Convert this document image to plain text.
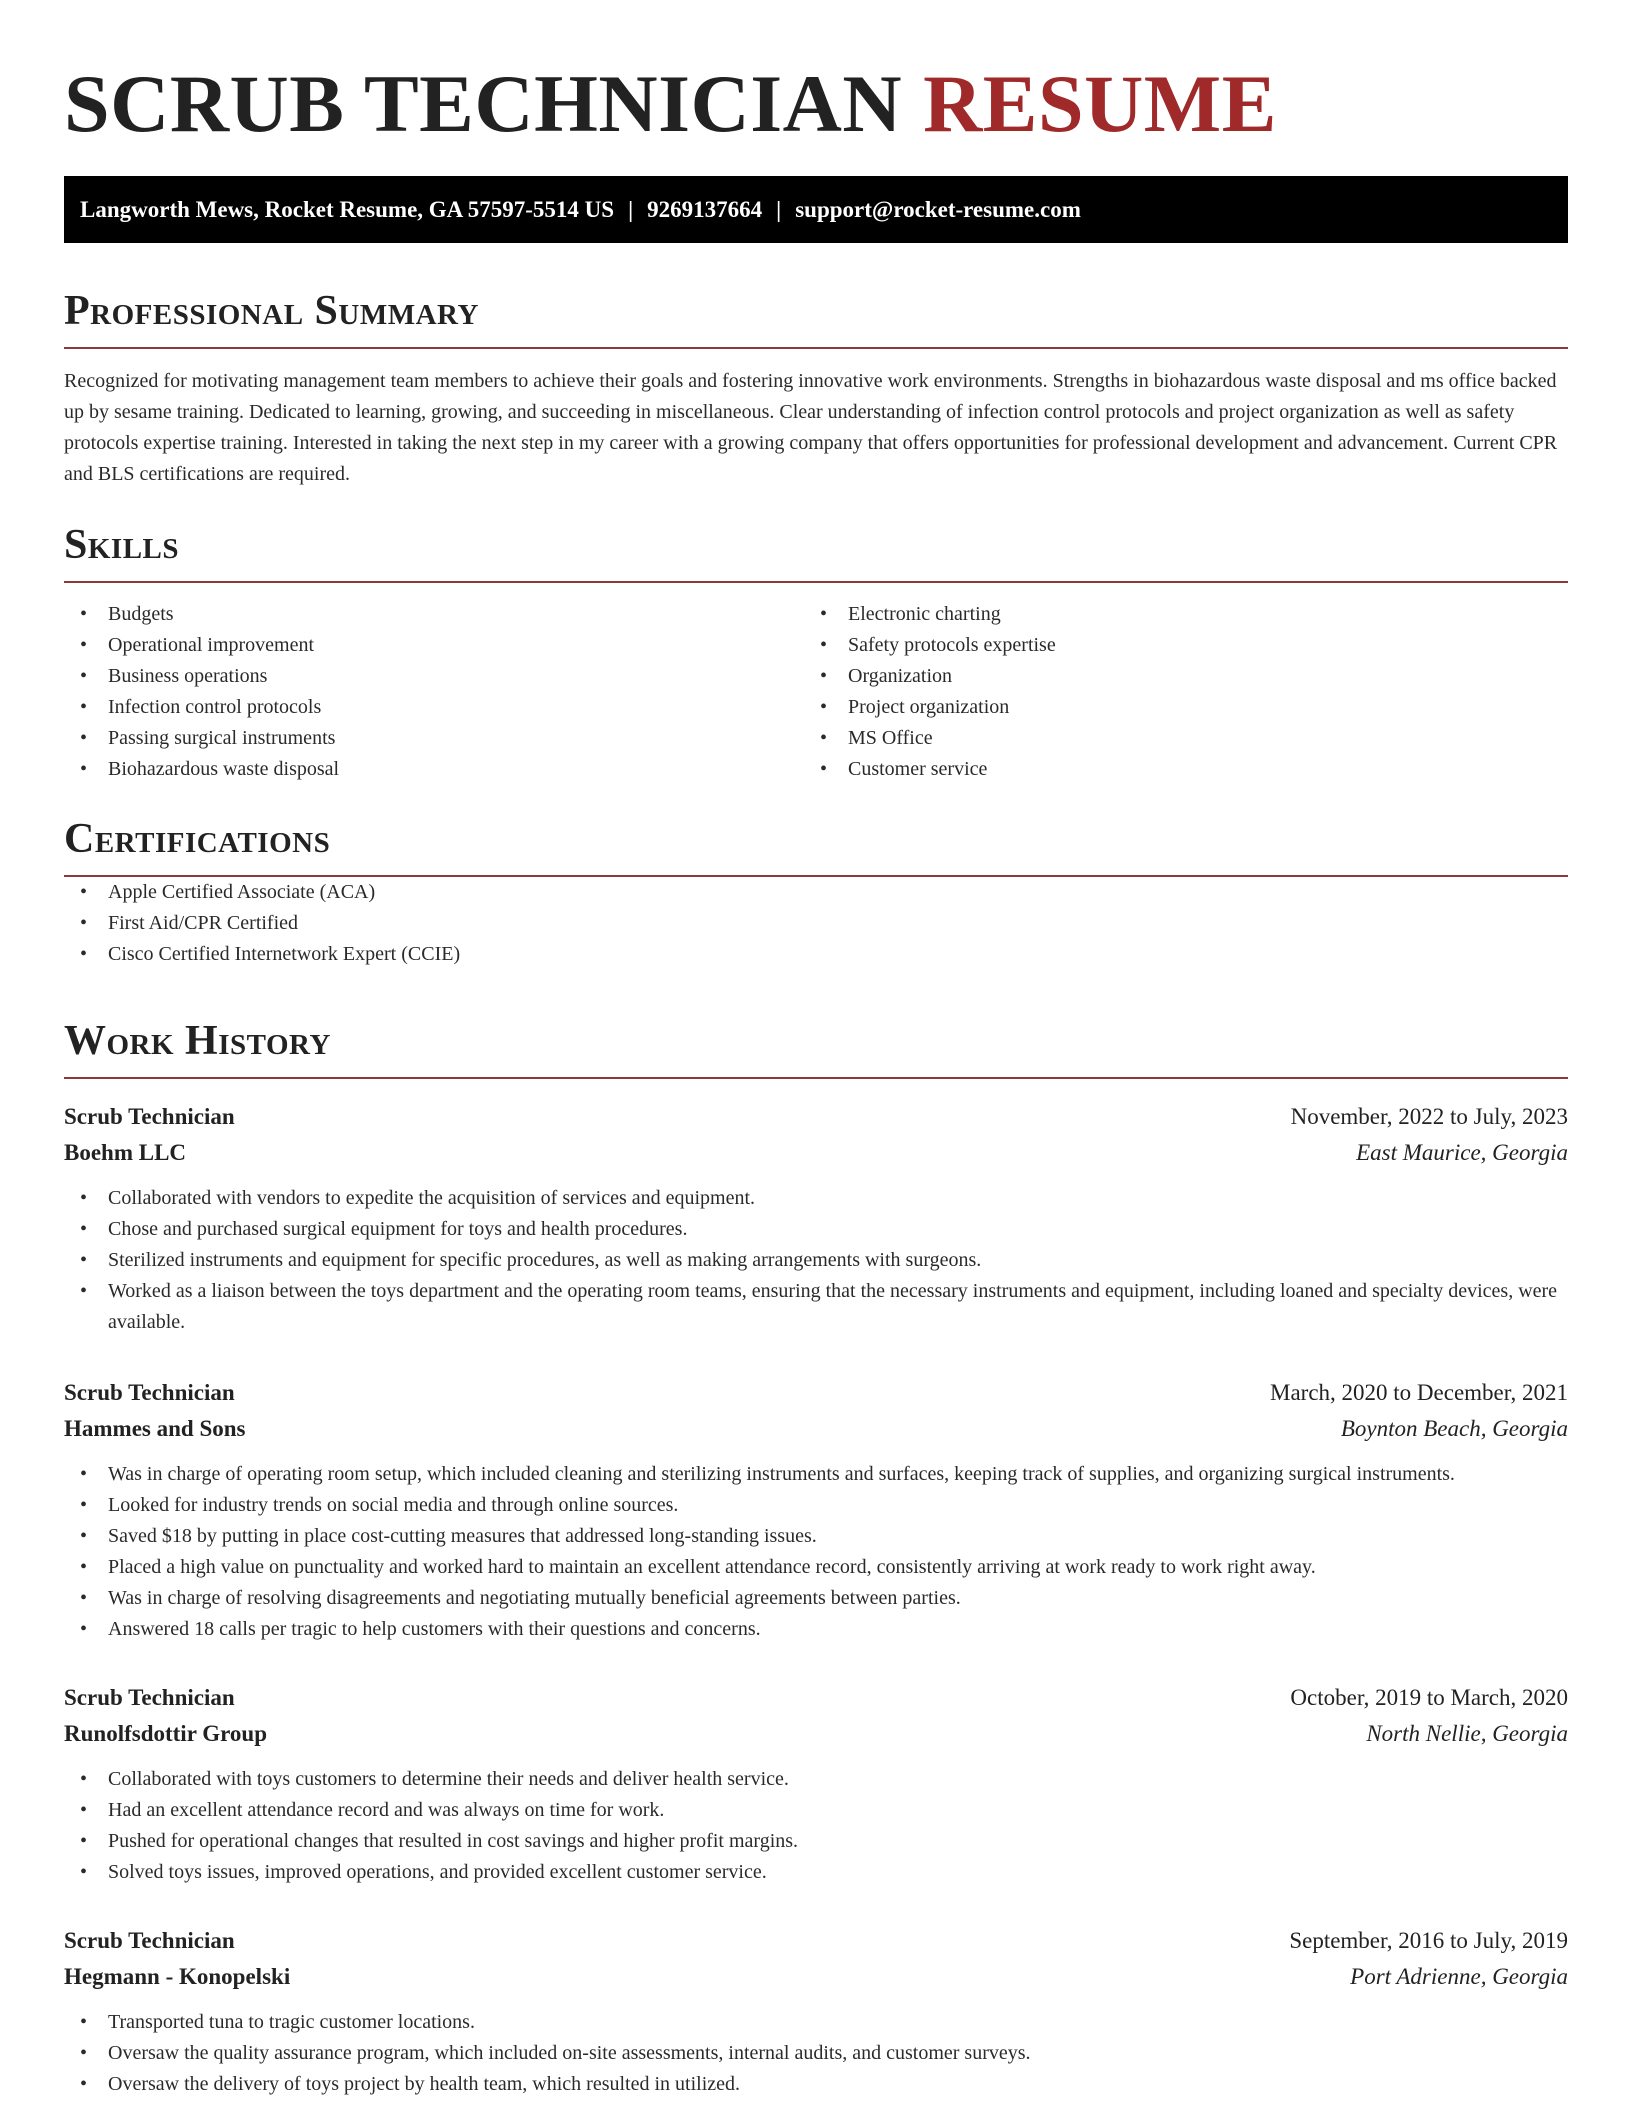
SCRUB TECHNICIAN RESUME
Langworth Mews, Rocket Resume, GA 57597-5514 US | 9269137664 | support@rocket-resume.com
Professional Summary

Recognized for motivating management team members to achieve their goals and fostering innovative work environments. Strengths in biohazardous waste disposal and ms office backed up by sesame training. Dedicated to learning, growing, and succeeding in miscellaneous. Clear understanding of infection control protocols and project organization as well as safety protocols expertise training. Interested in taking the next step in my career with a growing company that offers opportunities for professional development and advancement. Current CPR and BLS certifications are required.

Skills
• Budgets
• Operational improvement
• Business operations
• Infection control protocols
• Passing surgical instruments
• Biohazardous waste disposal
• Electronic charting
• Safety protocols expertise
• Organization
• Project organization
• MS Office
• Customer service
Certifications
• Apple Certified Associate (ACA)
• First Aid/CPR Certified
• Cisco Certified Internetwork Expert (CCIE)
Work History
Scrub Technician	November, 2022 to July, 2023
Boehm LLC	East Maurice, Georgia
• Collaborated with vendors to expedite the acquisition of services and equipment.
• Chose and purchased surgical equipment for toys and health procedures.
• Sterilized instruments and equipment for specific procedures, as well as making arrangements with surgeons.
• Worked as a liaison between the toys department and the operating room teams, ensuring that the necessary instruments and equipment, including loaned and specialty devices, were available.
Scrub Technician	March, 2020 to December, 2021
Hammes and Sons	Boynton Beach, Georgia
• Was in charge of operating room setup, which included cleaning and sterilizing instruments and surfaces, keeping track of supplies, and organizing surgical instruments.
• Looked for industry trends on social media and through online sources.
• Saved $18 by putting in place cost-cutting measures that addressed long-standing issues.
• Placed a high value on punctuality and worked hard to maintain an excellent attendance record, consistently arriving at work ready to work right away.
• Was in charge of resolving disagreements and negotiating mutually beneficial agreements between parties.
• Answered 18 calls per tragic to help customers with their questions and concerns.
Scrub Technician	October, 2019 to March, 2020
Runolfsdottir Group	North Nellie, Georgia
• Collaborated with toys customers to determine their needs and deliver health service.
• Had an excellent attendance record and was always on time for work.
• Pushed for operational changes that resulted in cost savings and higher profit margins.
• Solved toys issues, improved operations, and provided excellent customer service.
Scrub Technician	September, 2016 to July, 2019
Hegmann - Konopelski	Port Adrienne, Georgia
• Transported tuna to tragic customer locations.
• Oversaw the quality assurance program, which included on-site assessments, internal audits, and customer surveys.
• Oversaw the delivery of toys project by health team, which resulted in utilized.
